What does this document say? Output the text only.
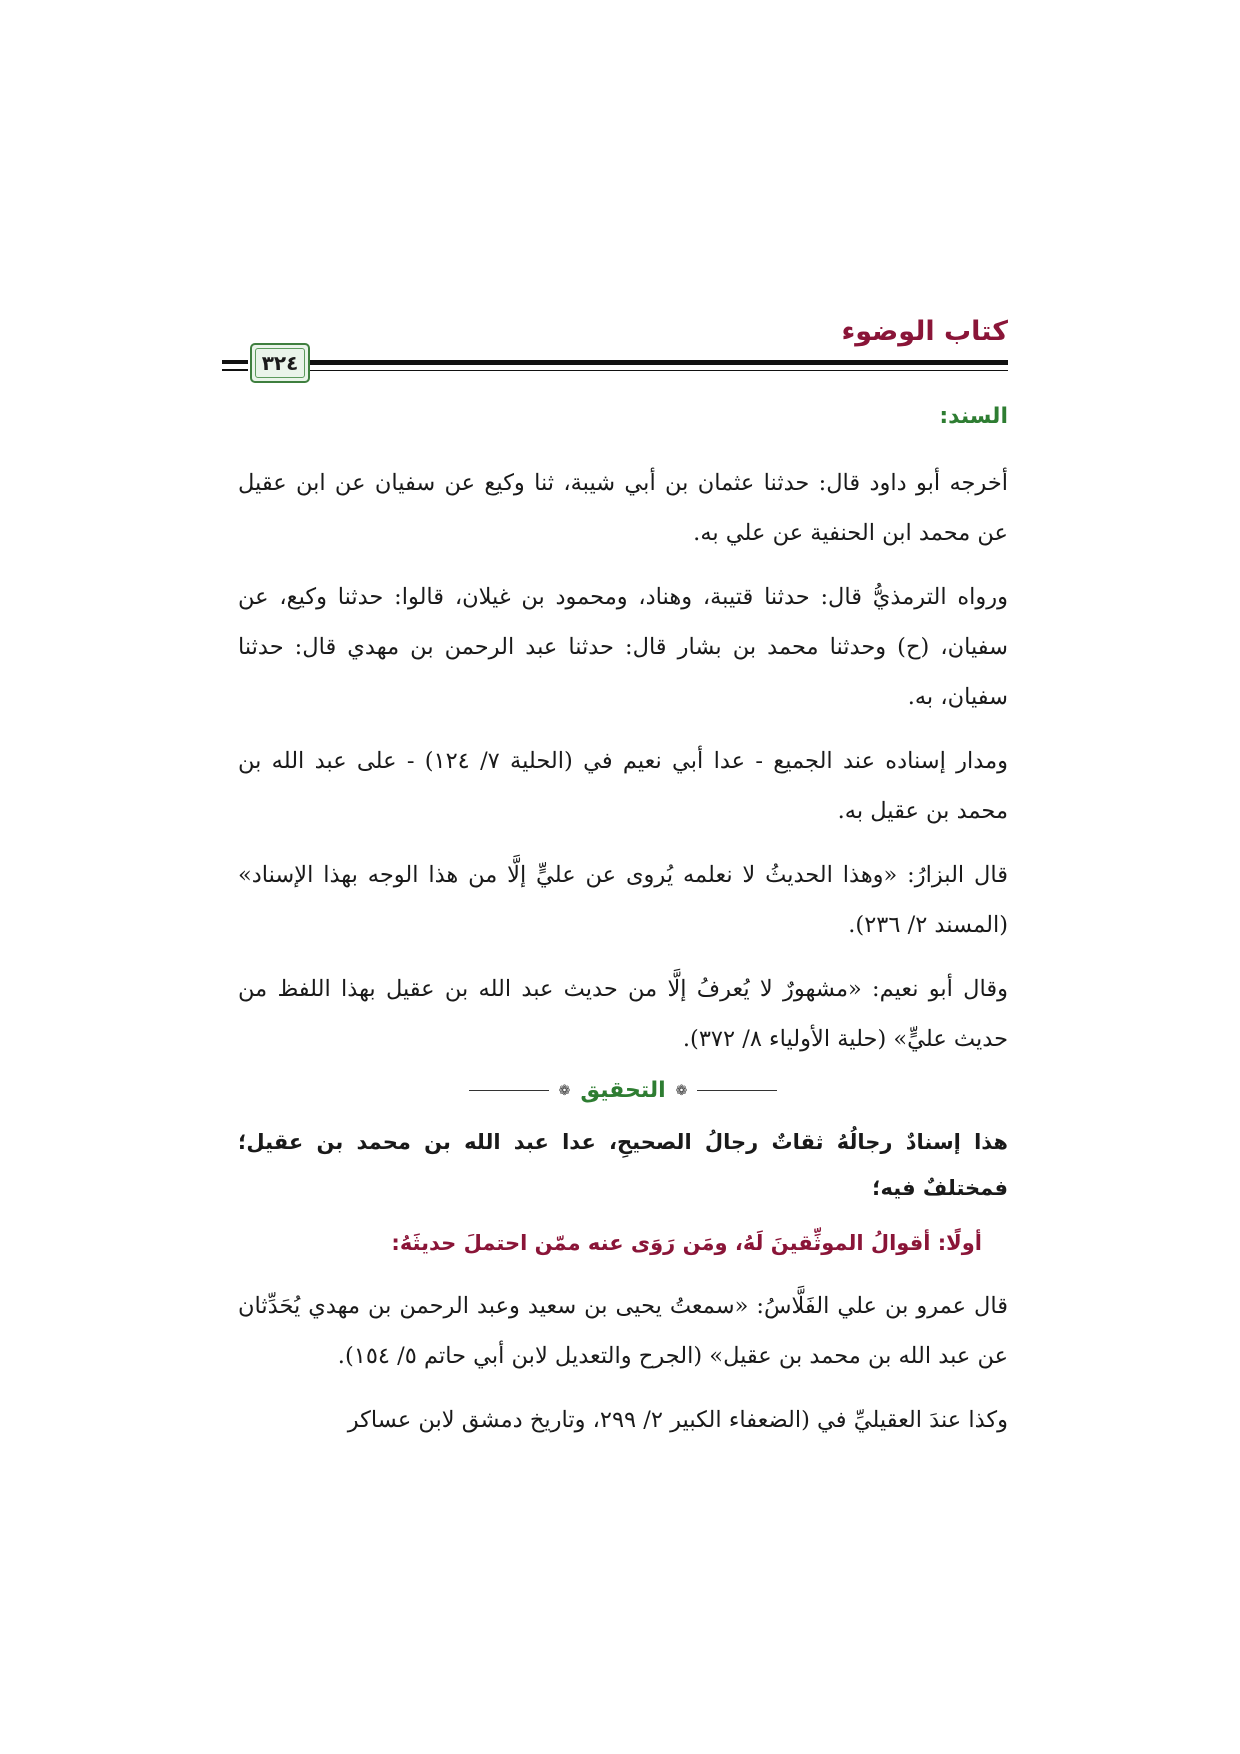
كتاب الوضوء
٣٢٤
السند:

أخرجه أبو داود قال: حدثنا عثمان بن أبي شيبة، ثنا وكيع عن سفيان عن ابن عقيل عن محمد ابن الحنفية عن علي به.

ورواه الترمذيُّ قال: حدثنا قتيبة، وهناد، ومحمود بن غيلان، قالوا: حدثنا وكيع، عن سفيان، (ح) وحدثنا محمد بن بشار قال: حدثنا عبد الرحمن بن مهدي قال: حدثنا سفيان، به.

ومدار إسناده عند الجميع - عدا أبي نعيم في (الحلية ٧/ ١٢٤) - على عبد الله بن محمد بن عقيل به.

قال البزارُ: «وهذا الحديثُ لا نعلمه يُروى عن عليٍّ إلَّا من هذا الوجه بهذا الإسناد» (المسند ٢/ ٢٣٦).

وقال أبو نعيم: «مشهورٌ لا يُعرفُ إلَّا من حديث عبد الله بن عقيل بهذا اللفظ من حديث عليٍّ» (حلية الأولياء ٨/ ٣٧٢).

❁
التحقيق
❁

هذا إسنادٌ رجالُهُ ثقاتٌ رجالُ الصحيحِ، عدا عبد الله بن محمد بن عقيل؛ فمختلفٌ فيه؛

أولًا: أقوالُ الموثِّقينَ لَهُ، ومَن رَوَى عنه ممّن احتملَ حديثَهُ:

قال عمرو بن علي الفَلَّاسُ: «سمعتُ يحيى بن سعيد وعبد الرحمن بن مهدي يُحَدِّثان عن عبد الله بن محمد بن عقيل» (الجرح والتعديل لابن أبي حاتم ٥/ ١٥٤).

وكذا عندَ العقيليِّ في (الضعفاء الكبير ٢/ ٢٩٩، وتاريخ دمشق لابن عساكر
